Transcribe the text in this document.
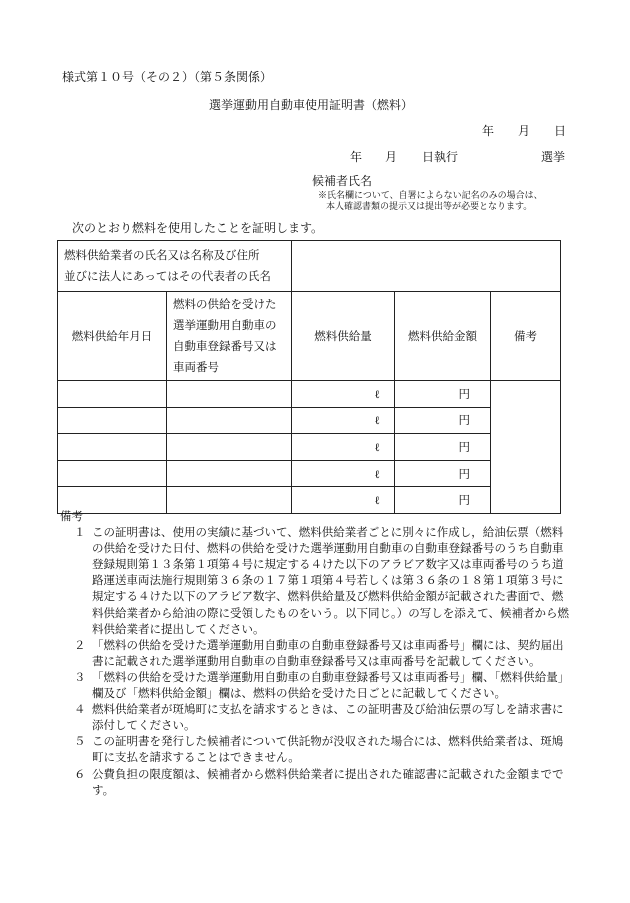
様式第１０号（その２）（第５条関係）
選挙運動用自動車使用証明書（燃料）
年 月 日
年 月 日執行	選挙
候補者氏名
※氏名欄について、自署によらない記名のみの場合は、
本人確認書類の提示又は提出等が必要となります。
次のとおり燃料を使用したことを証明します。
燃料供給業者の氏名又は名称及び住所
並びに法人にあってはその代表者の氏名				

燃料供給年月日	燃料の供給を受けた
選挙運動用自動車の
自動車登録番号又は
車両番号	燃料供給量	燃料供給金額	備考
		ℓ	円	
		ℓ	円	
		ℓ	円	
		ℓ	円	
		ℓ	円	

備考

１ この証明書は、使用の実績に基づいて、燃料供給業者ごとに別々に作成し，給油伝票（燃料の供給を受けた日付、燃料の供給を受けた選挙運動用自動車の自動車登録番号のうち自動車登録規則第１３条第１項第４号に規定する４けた以下のアラビア数字又は車両番号のうち道路運送車両法施行規則第３６条の１７第１項第４号若しくは第３６条の１８第１項第３号に規定する４けた以下のアラビア数字、燃料供給量及び燃料供給金額が記載された書面で、燃料供給業者から給油の際に受領したものをいう。以下同じ。）の写しを添えて、候補者から燃料供給業者に提出してください。
２ 「燃料の供給を受けた選挙運動用自動車の自動車登録番号又は車両番号」欄には、契約届出書に記載された選挙運動用自動車の自動車登録番号又は車両番号を記載してください。
３ 「燃料の供給を受けた選挙運動用自動車の自動車登録番号又は車両番号」欄、「燃料供給量」欄及び「燃料供給金額」欄は、燃料の供給を受けた日ごとに記載してください。
４ 燃料供給業者が斑鳩町に支払を請求するときは、この証明書及び給油伝票の写しを請求書に添付してください。
５ この証明書を発行した候補者について供託物が没収された場合には、燃料供給業者は、斑鳩町に支払を請求することはできません。
６ 公費負担の限度額は、候補者から燃料供給業者に提出された確認書に記載された金額までです。
